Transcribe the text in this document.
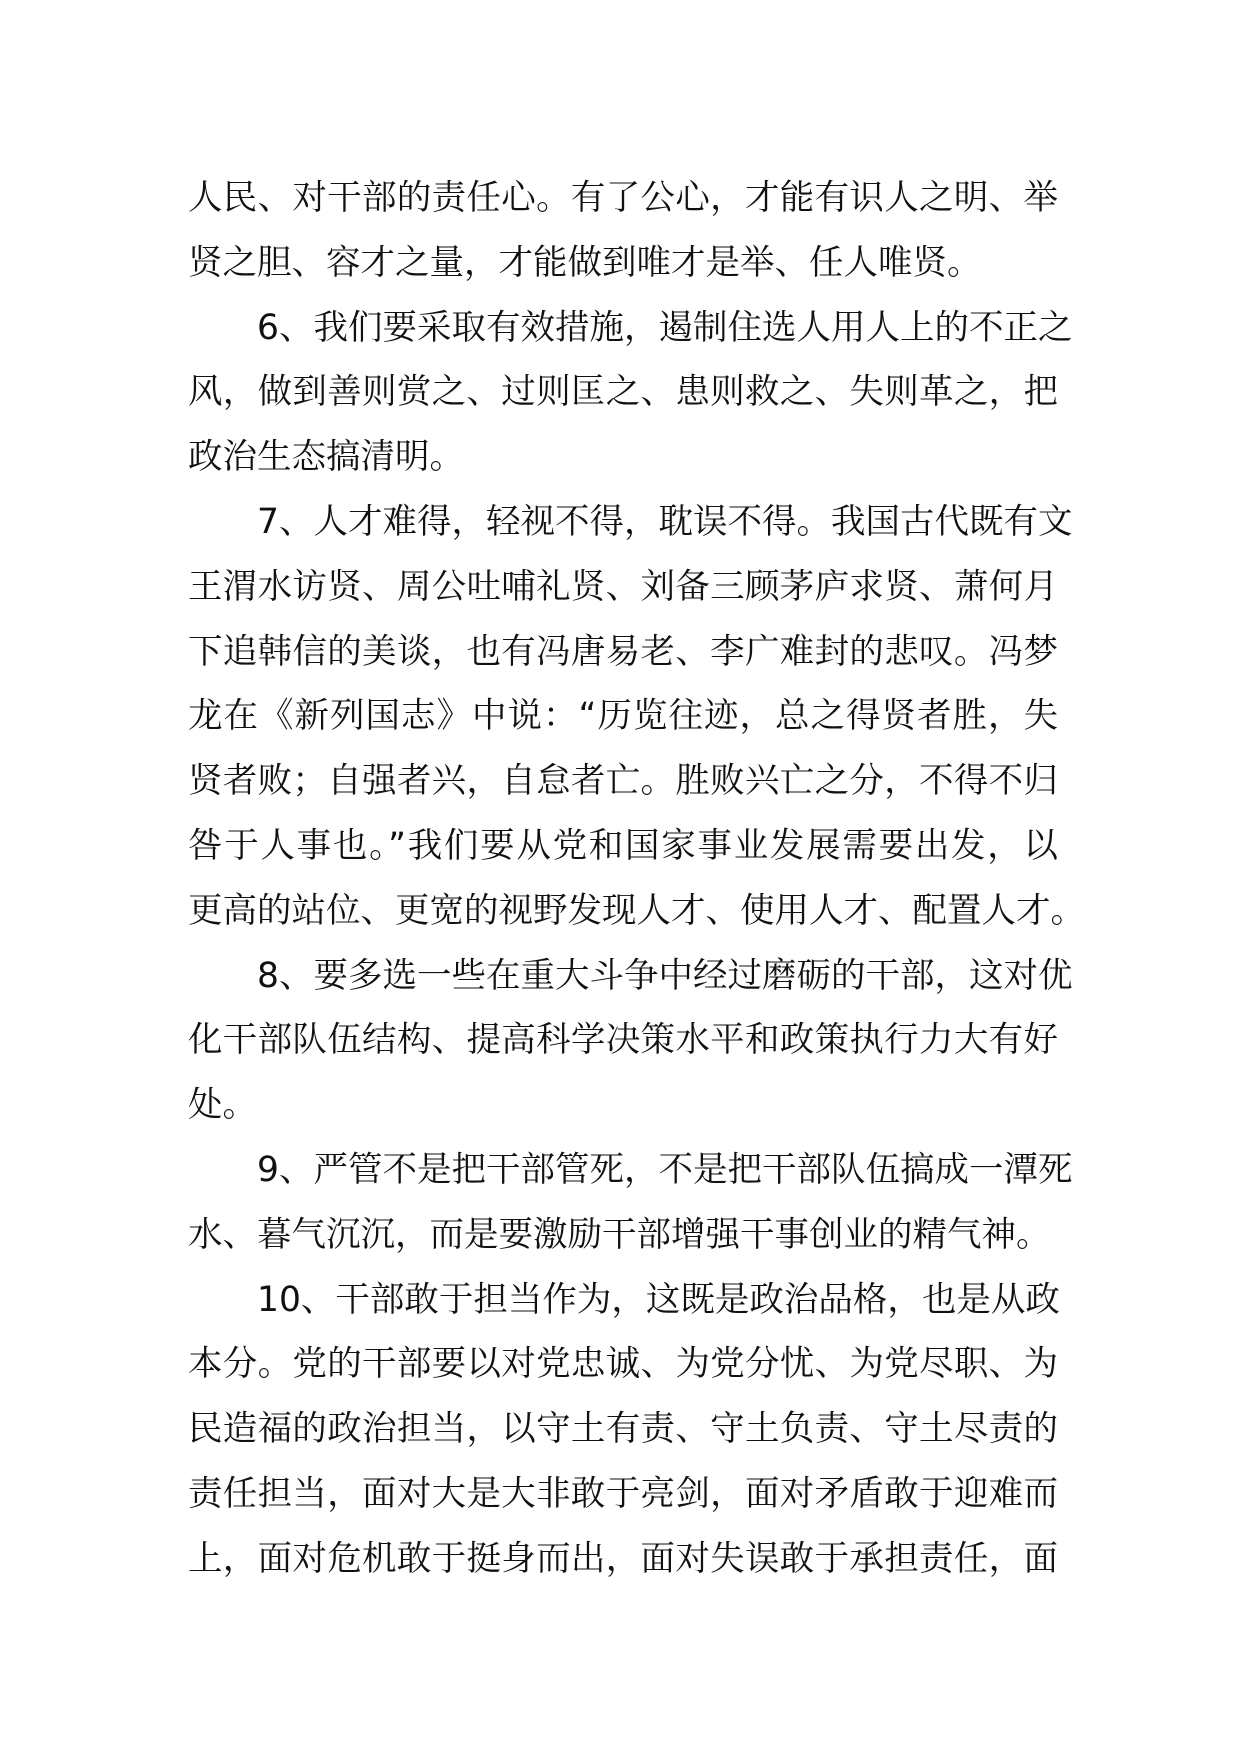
人民、对干部的责任心。有了公心，才能有识人之明、举
贤之胆、容才之量，才能做到唯才是举、任人唯贤。
6、我们要采取有效措施，遏制住选人用人上的不正之
风，做到善则赏之、过则匡之、患则救之、失则革之，把
政治生态搞清明。
7、人才难得，轻视不得，耽误不得。我国古代既有文
王渭水访贤、周公吐哺礼贤、刘备三顾茅庐求贤、萧何月
下追韩信的美谈，也有冯唐易老、李广难封的悲叹。冯梦
龙在《新列国志》中说：“历览往迹，总之得贤者胜，失
贤者败；自强者兴，自怠者亡。胜败兴亡之分，不得不归
咎于人事也。”我们要从党和国家事业发展需要出发，以
更高的站位、更宽的视野发现人才、使用人才、配置人才。
8、要多选一些在重大斗争中经过磨砺的干部，这对优
化干部队伍结构、提高科学决策水平和政策执行力大有好
处。
9、严管不是把干部管死，不是把干部队伍搞成一潭死
水、暮气沉沉，而是要激励干部增强干事创业的精气神。
10、干部敢于担当作为，这既是政治品格，也是从政
本分。党的干部要以对党忠诚、为党分忧、为党尽职、为
民造福的政治担当，以守土有责、守土负责、守土尽责的
责任担当，面对大是大非敢于亮剑，面对矛盾敢于迎难而
上，面对危机敢于挺身而出，面对失误敢于承担责任，面
